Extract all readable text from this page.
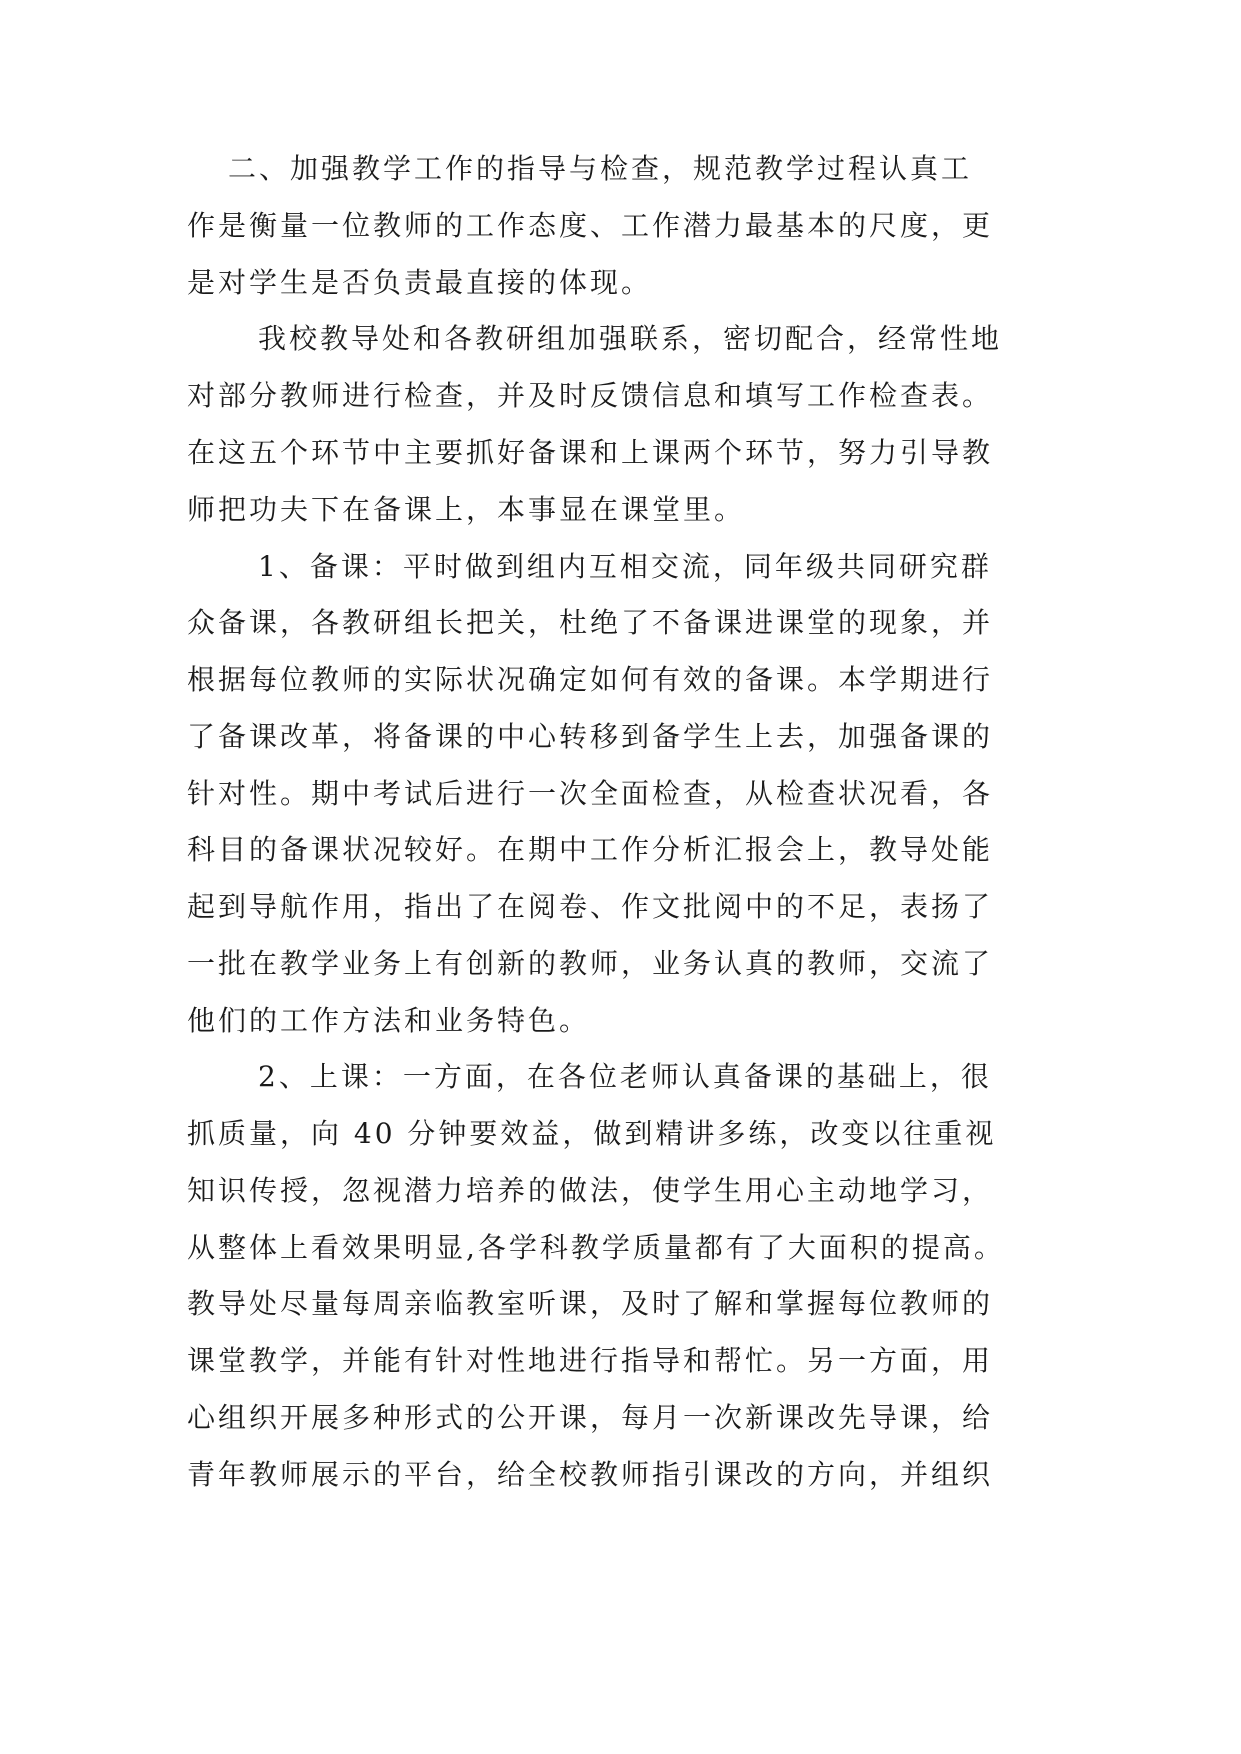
二、加强教学工作的指导与检查，规范教学过程认真工

作是衡量一位教师的工作态度、工作潜力最基本的尺度，更

是对学生是否负责最直接的体现。

我校教导处和各教研组加强联系，密切配合，经常性地

对部分教师进行检查，并及时反馈信息和填写工作检查表。

在这五个环节中主要抓好备课和上课两个环节，努力引导教

师把功夫下在备课上，本事显在课堂里。

1、备课：平时做到组内互相交流，同年级共同研究群

众备课，各教研组长把关，杜绝了不备课进课堂的现象，并

根据每位教师的实际状况确定如何有效的备课。本学期进行

了备课改革，将备课的中心转移到备学生上去，加强备课的

针对性。期中考试后进行一次全面检查，从检查状况看，各

科目的备课状况较好。在期中工作分析汇报会上，教导处能

起到导航作用，指出了在阅卷、作文批阅中的不足，表扬了

一批在教学业务上有创新的教师，业务认真的教师，交流了

他们的工作方法和业务特色。

2、上课：一方面，在各位老师认真备课的基础上，很

抓质量，向 40 分钟要效益，做到精讲多练，改变以往重视

知识传授，忽视潜力培养的做法，使学生用心主动地学习，

从整体上看效果明显,各学科教学质量都有了大面积的提高。

教导处尽量每周亲临教室听课，及时了解和掌握每位教师的

课堂教学，并能有针对性地进行指导和帮忙。另一方面，用

心组织开展多种形式的公开课，每月一次新课改先导课，给

青年教师展示的平台，给全校教师指引课改的方向，并组织
